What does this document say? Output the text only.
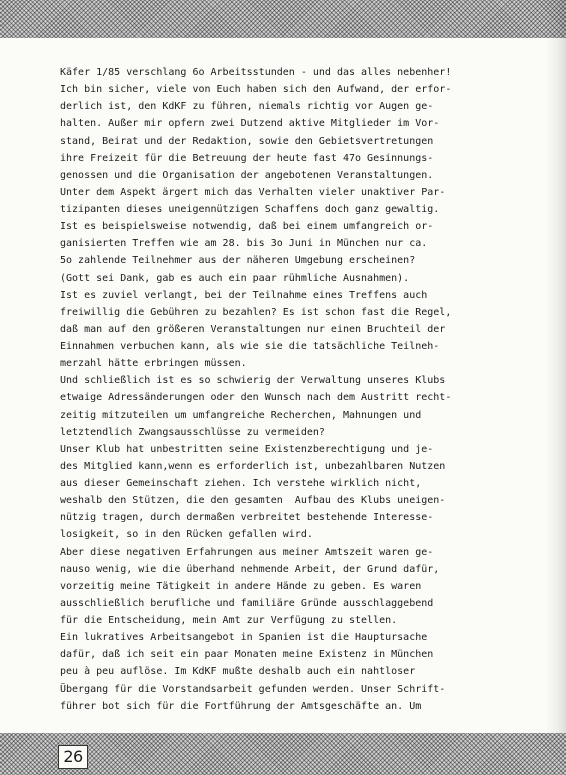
Käfer 1/85 verschlang 6o Arbeitsstunden - und das alles nebenher!
Ich bin sicher, viele von Euch haben sich den Aufwand, der erfor-
derlich ist, den KdKF zu führen, niemals richtig vor Augen ge-
halten. Außer mir opfern zwei Dutzend aktive Mitglieder im Vor-
stand, Beirat und der Redaktion, sowie den Gebietsvertretungen
ihre Freizeit für die Betreuung der heute fast 47o Gesinnungs-
genossen und die Organisation der angebotenen Veranstaltungen.
Unter dem Aspekt ärgert mich das Verhalten vieler unaktiver Par-
tizipanten dieses uneigennützigen Schaffens doch ganz gewaltig.
Ist es beispielsweise notwendig, daß bei einem umfangreich or-
ganisierten Treffen wie am 28. bis 3o Juni in München nur ca.
5o zahlende Teilnehmer aus der näheren Umgebung erscheinen?
(Gott sei Dank, gab es auch ein paar rühmliche Ausnahmen).
Ist es zuviel verlangt, bei der Teilnahme eines Treffens auch
freiwillig die Gebühren zu bezahlen? Es ist schon fast die Regel,
daß man auf den größeren Veranstaltungen nur einen Bruchteil der
Einnahmen verbuchen kann, als wie sie die tatsächliche Teilneh-
merzahl hätte erbringen müssen.
Und schließlich ist es so schwierig der Verwaltung unseres Klubs
etwaige Adressänderungen oder den Wunsch nach dem Austritt recht-
zeitig mitzuteilen um umfangreiche Recherchen, Mahnungen und
letztendlich Zwangsausschlüsse zu vermeiden?
Unser Klub hat unbestritten seine Existenzberechtigung und je-
des Mitglied kann,wenn es erforderlich ist, unbezahlbaren Nutzen
aus dieser Gemeinschaft ziehen. Ich verstehe wirklich nicht,
weshalb den Stützen, die den gesamten  Aufbau des Klubs uneigen-
nützig tragen, durch dermaßen verbreitet bestehende Interesse-
losigkeit, so in den Rücken gefallen wird.
Aber diese negativen Erfahrungen aus meiner Amtszeit waren ge-
nauso wenig, wie die überhand nehmende Arbeit, der Grund dafür,
vorzeitig meine Tätigkeit in andere Hände zu geben. Es waren
ausschließlich berufliche und familiäre Gründe ausschlaggebend
für die Entscheidung, mein Amt zur Verfügung zu stellen.
Ein lukratives Arbeitsangebot in Spanien ist die Hauptursache
dafür, daß ich seit ein paar Monaten meine Existenz in München
peu à peu auflöse. Im KdKF mußte deshalb auch ein nahtloser
Übergang für die Vorstandsarbeit gefunden werden. Unser Schrift-
führer bot sich für die Fortführung der Amtsgeschäfte an. Um
26
